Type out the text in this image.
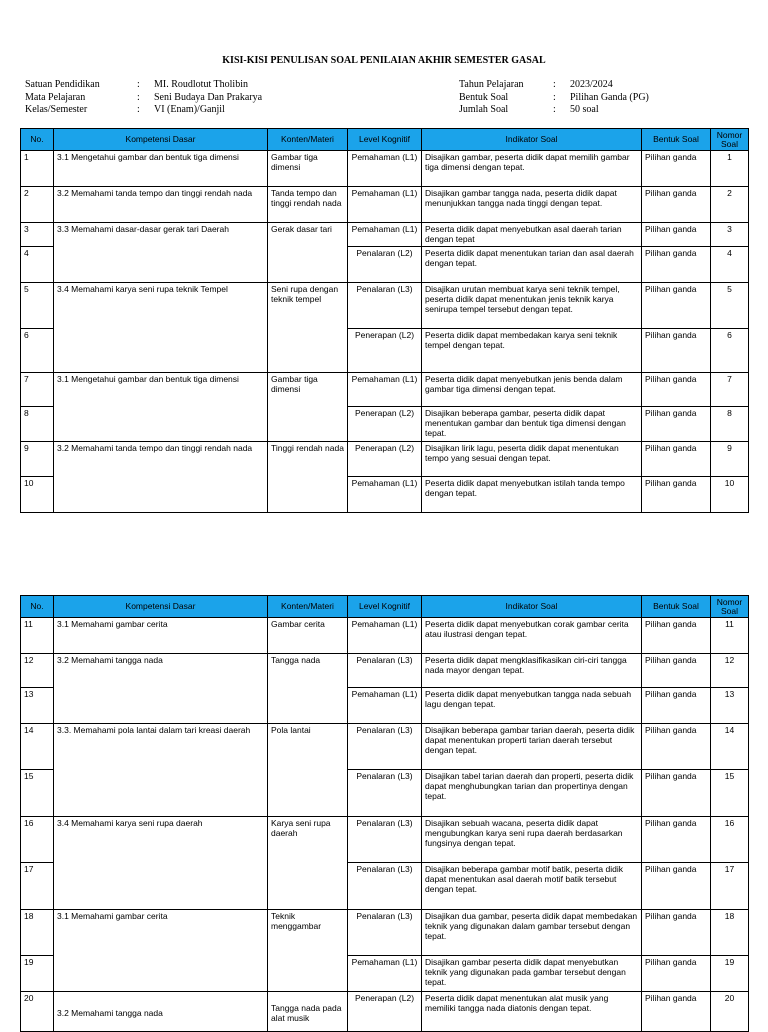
KISI-KISI PENULISAN SOAL PENILAIAN AKHIR SEMESTER GASAL
Satuan Pendidikan	:	MI. Roudlotut Tholibin
Mata Pelajaran	:	Seni Budaya Dan Prakarya
Kelas/Semester	:	VI (Enam)/Ganjil
Tahun Pelajaran	:	2023/2024
Bentuk Soal	:	Pilihan Ganda (PG)
Jumlah Soal	:	50 soal
No.	Kompetensi Dasar	Konten/Materi	Level Kognitif	Indikator Soal	Bentuk Soal	Nomor Soal
1	3.1 Mengetahui gambar dan bentuk tiga dimensi	Gambar tiga dimensi	Pemahaman (L1)	Disajikan gambar, peserta didik dapat memilih gambar tiga dimensi dengan tepat.	Pilihan ganda	1
2	3.2 Memahami tanda tempo dan tinggi rendah nada	Tanda tempo dan tinggi rendah nada	Pemahaman (L1)	Disajikan gambar tangga nada, peserta didik dapat menunjukkan tangga nada tinggi dengan tepat.	Pilihan ganda	2
3	3.3 Memahami dasar-dasar gerak tari Daerah	Gerak dasar tari	Pemahaman (L1)	Peserta didik dapat menyebutkan asal daerah tarian dengan tepat	Pilihan ganda	3
4			Penalaran (L2)	Peserta didik dapat menentukan tarian dan asal daerah dengan tepat.	Pilihan ganda	4
5	3.4 Memahami karya seni rupa teknik Tempel	Seni rupa dengan teknik tempel	Penalaran (L3)	Disajikan urutan membuat karya seni teknik tempel, peserta didik dapat menentukan jenis teknik karya senirupa tempel tersebut dengan tepat.	Pilihan ganda	5
6			Penerapan (L2)	Peserta didik dapat membedakan karya seni teknik tempel dengan tepat.	Pilihan ganda	6
7	3.1 Mengetahui gambar dan bentuk tiga dimensi	Gambar tiga dimensi	Pemahaman (L1)	Peserta didik dapat menyebutkan jenis benda dalam gambar tiga dimensi dengan tepat.	Pilihan ganda	7
8			Penerapan (L2)	Disajikan beberapa gambar, peserta didik dapat menentukan gambar dan bentuk tiga dimensi dengan tepat.	Pilihan ganda	8
9	3.2 Memahami tanda tempo dan tinggi rendah nada	Tinggi rendah nada	Penerapan (L2)	Disajikan lirik lagu, peserta didik dapat menentukan tempo yang sesuai dengan tepat.	Pilihan ganda	9
10			Pemahaman (L1)	Peserta didik dapat menyebutkan istilah tanda tempo dengan tepat.	Pilihan ganda	10
No.	Kompetensi Dasar	Konten/Materi	Level Kognitif	Indikator Soal	Bentuk Soal	Nomor Soal
11	3.1 Memahami gambar cerita	Gambar cerita	Pemahaman (L1)	Peserta didik dapat menyebutkan corak gambar cerita atau ilustrasi dengan tepat.	Pilihan ganda	11
12	3.2 Memahami tangga nada	Tangga nada	Penalaran (L3)	Peserta didik dapat mengklasifikasikan ciri-ciri tangga nada mayor dengan tepat.	Pilihan ganda	12
13			Pemahaman (L1)	Peserta didik dapat menyebutkan tangga nada sebuah lagu dengan tepat.	Pilihan ganda	13
14	3.3. Memahami pola lantai dalam tari kreasi daerah	Pola lantai	Penalaran (L3)	Disajikan beberapa gambar tarian daerah, peserta didik dapat menentukan properti tarian daerah tersebut dengan tepat.	Pilihan ganda	14
15			Penalaran (L3)	Disajikan tabel tarian daerah dan properti, peserta didik dapat menghubungkan tarian dan propertinya dengan tepat.	Pilihan ganda	15
16	3.4 Memahami karya seni rupa daerah	Karya seni rupa daerah	Penalaran (L3)	Disajikan sebuah wacana, peserta didik dapat mengubungkan karya seni rupa daerah berdasarkan fungsinya dengan tepat.	Pilihan ganda	16
17			Penalaran (L3)	Disajikan beberapa gambar motif batik, peserta didik dapat menentukan asal daerah motif batik tersebut dengan tepat.	Pilihan ganda	17
18	3.1 Memahami gambar cerita	Teknik menggambar	Penalaran (L3)	Disajikan dua gambar, peserta didik dapat membedakan teknik yang digunakan dalam gambar tersebut dengan tepat.	Pilihan ganda	18
19			Pemahaman (L1)	Disajikan gambar peserta didik dapat menyebutkan teknik yang digunakan pada gambar tersebut dengan tepat.	Pilihan ganda	19
20	3.2 Memahami tangga nada	Tangga nada pada alat musik	Penerapan (L2)	Peserta didik dapat menentukan alat musik yang memiliki tangga nada diatonis dengan tepat.	Pilihan ganda	20
